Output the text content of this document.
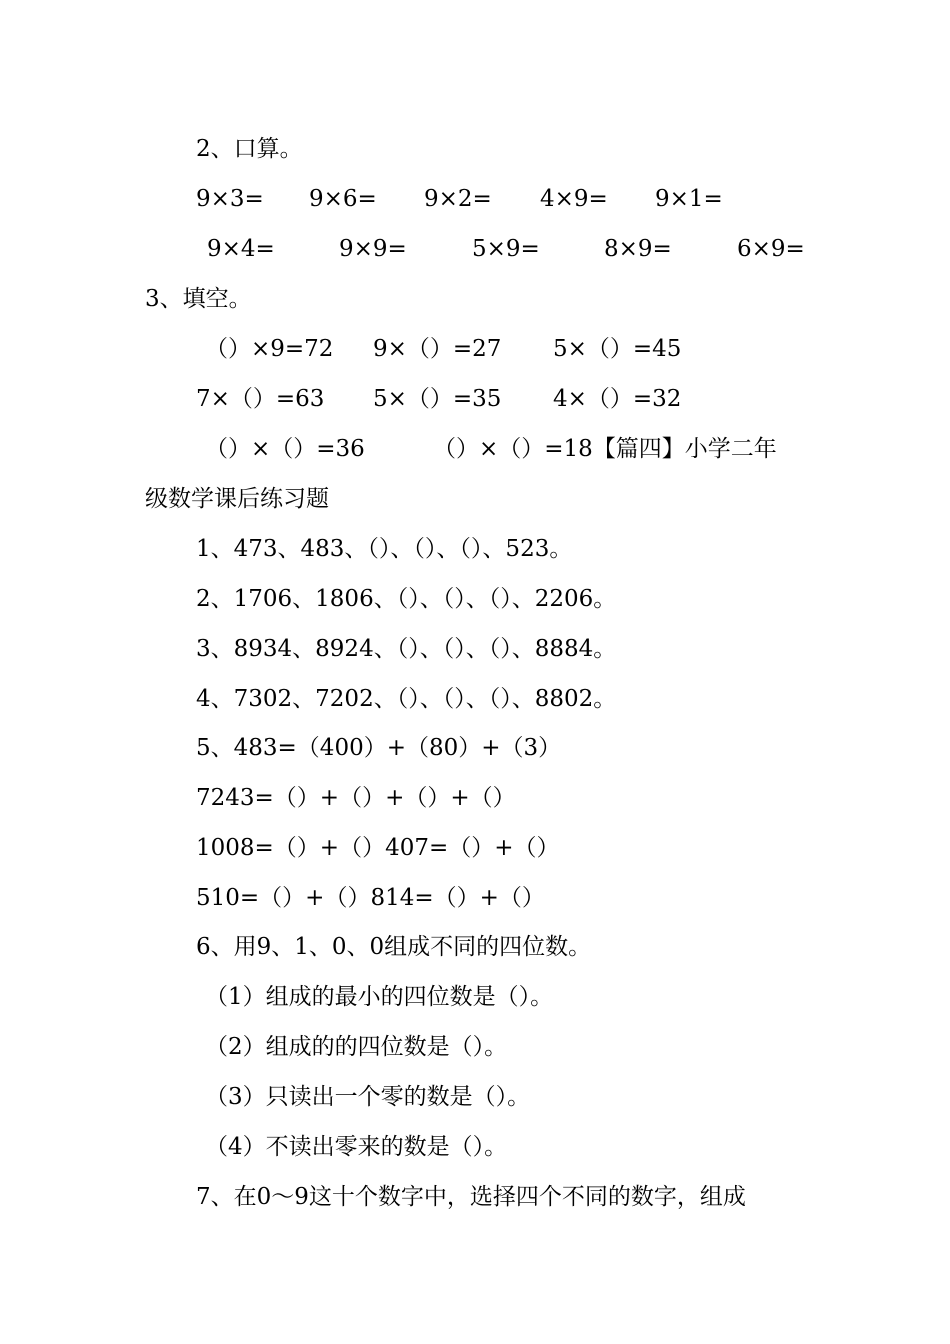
2、口算。
9×3= 9×6= 9×2= 4×9= 9×1=
9×4=	9×9=	5×9=	8×9=	6×9=
3、填空。
（）×9=72 9×（）=27 5×（）=45
7×（）=63 5×（）=35 4×（）=32
（）×（）=36	（）×（）=18【篇四】小学二年
级数学课后练习题
1、473、483、（）、（）、（）、523。
2、1706、1806、（）、（）、（）、2206。
3、8934、8924、（）、（）、（）、8884。
4、7302、7202、（）、（）、（）、8802。
5、483=（400）+（80）+（3）
7243=（）+（）+（）+（）
1008=（）+（）407=（）+（）
510=（）+（）814=（）+（）
6、用9、1、0、0组成不同的四位数。
（1）组成的最小的四位数是（）。
（2）组成的的四位数是（）。
（3）只读出一个零的数是（）。
（4）不读出零来的数是（）。
7、在0～9这十个数字中，选择四个不同的数字，组成
